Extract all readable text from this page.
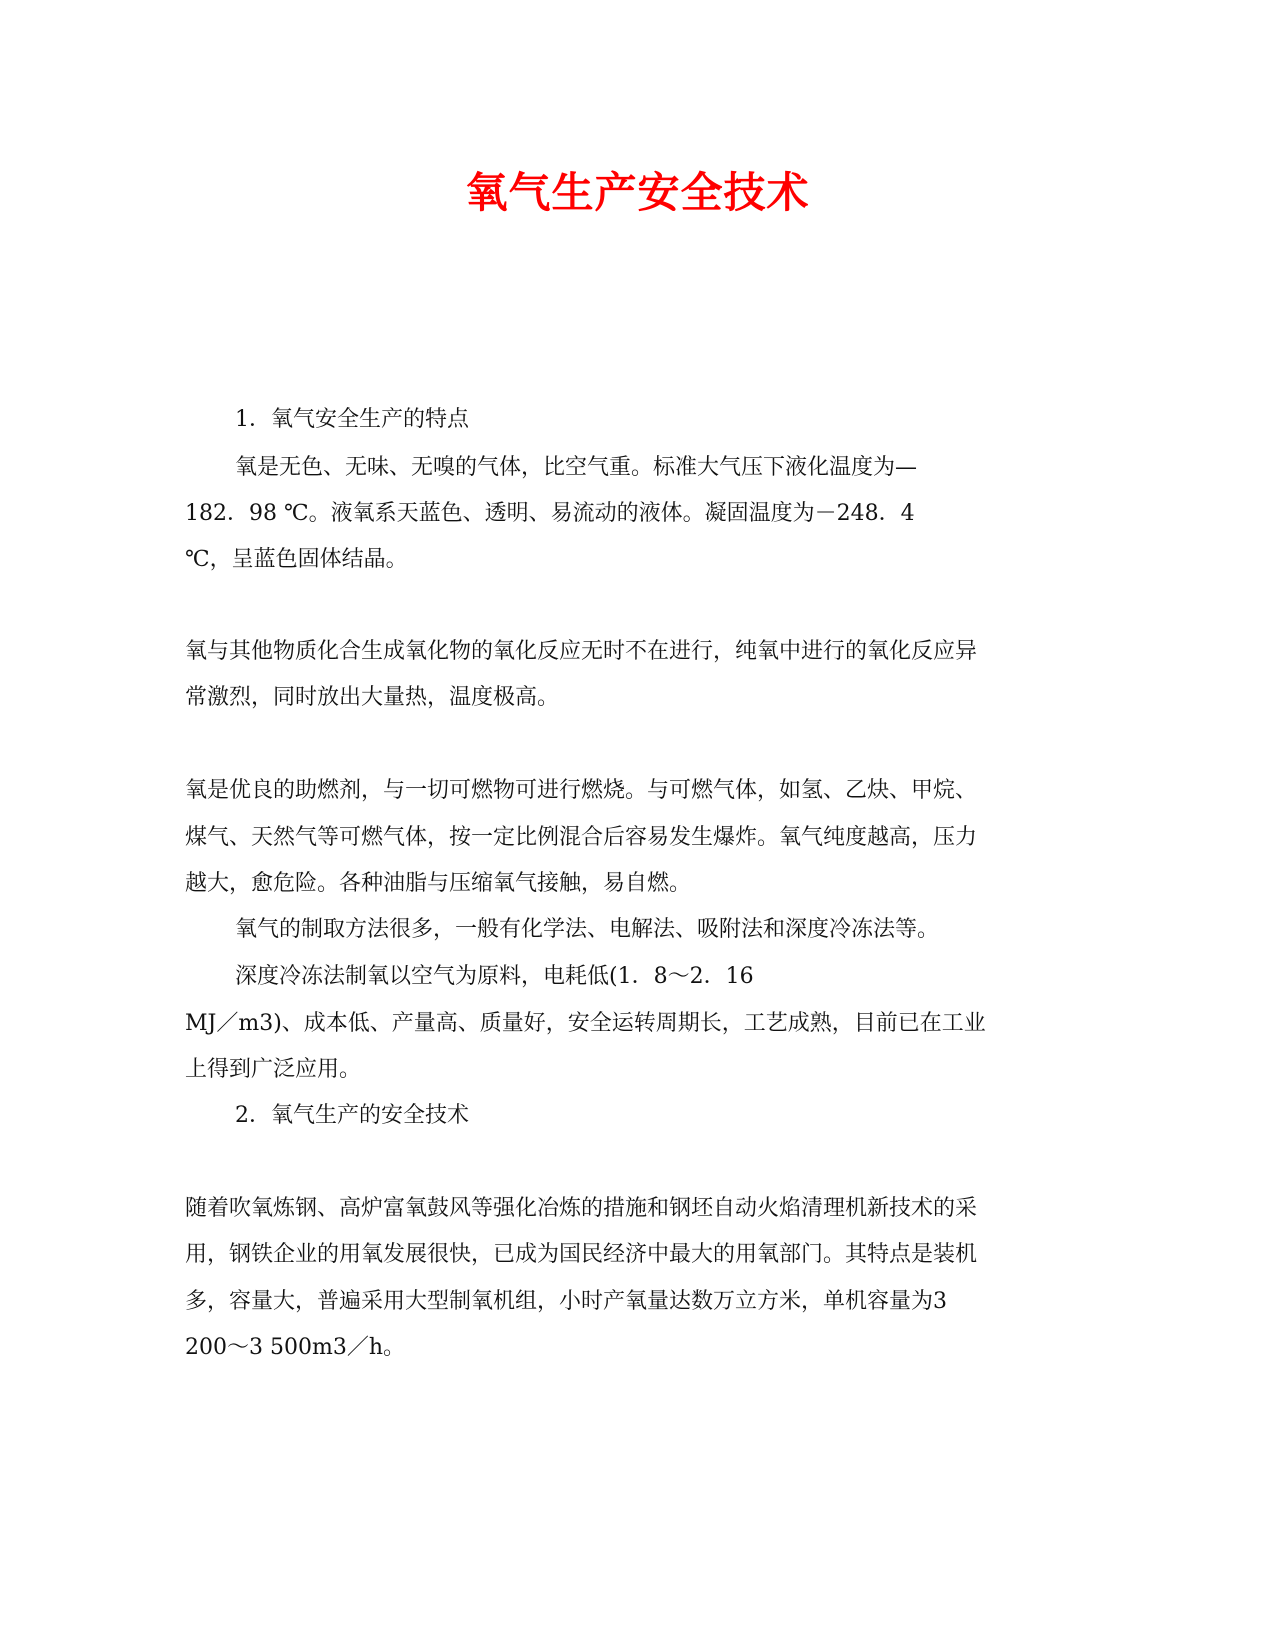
氧气生产安全技术

1．氧气安全生产的特点

氧是无色、无味、无嗅的气体，比空气重。标准大气压下液化温度为—

182．98 ℃。液氧系天蓝色、透明、易流动的液体。凝固温度为－248．4

℃，呈蓝色固体结晶。

氧与其他物质化合生成氧化物的氧化反应无时不在进行，纯氧中进行的氧化反应异

常激烈，同时放出大量热，温度极高。

氧是优良的助燃剂，与一切可燃物可进行燃烧。与可燃气体，如氢、乙炔、甲烷、

煤气、天然气等可燃气体，按一定比例混合后容易发生爆炸。氧气纯度越高，压力

越大，愈危险。各种油脂与压缩氧气接触，易自燃。

氧气的制取方法很多，一般有化学法、电解法、吸附法和深度冷冻法等。

深度冷冻法制氧以空气为原料，电耗低(1．8～2．16

MJ／m3)、成本低、产量高、质量好，安全运转周期长，工艺成熟，目前已在工业

上得到广泛应用。

2．氧气生产的安全技术

随着吹氧炼钢、高炉富氧鼓风等强化冶炼的措施和钢坯自动火焰清理机新技术的采

用，钢铁企业的用氧发展很快，已成为国民经济中最大的用氧部门。其特点是装机

多，容量大，普遍采用大型制氧机组，小时产氧量达数万立方米，单机容量为3

200～3 500m3／h。
